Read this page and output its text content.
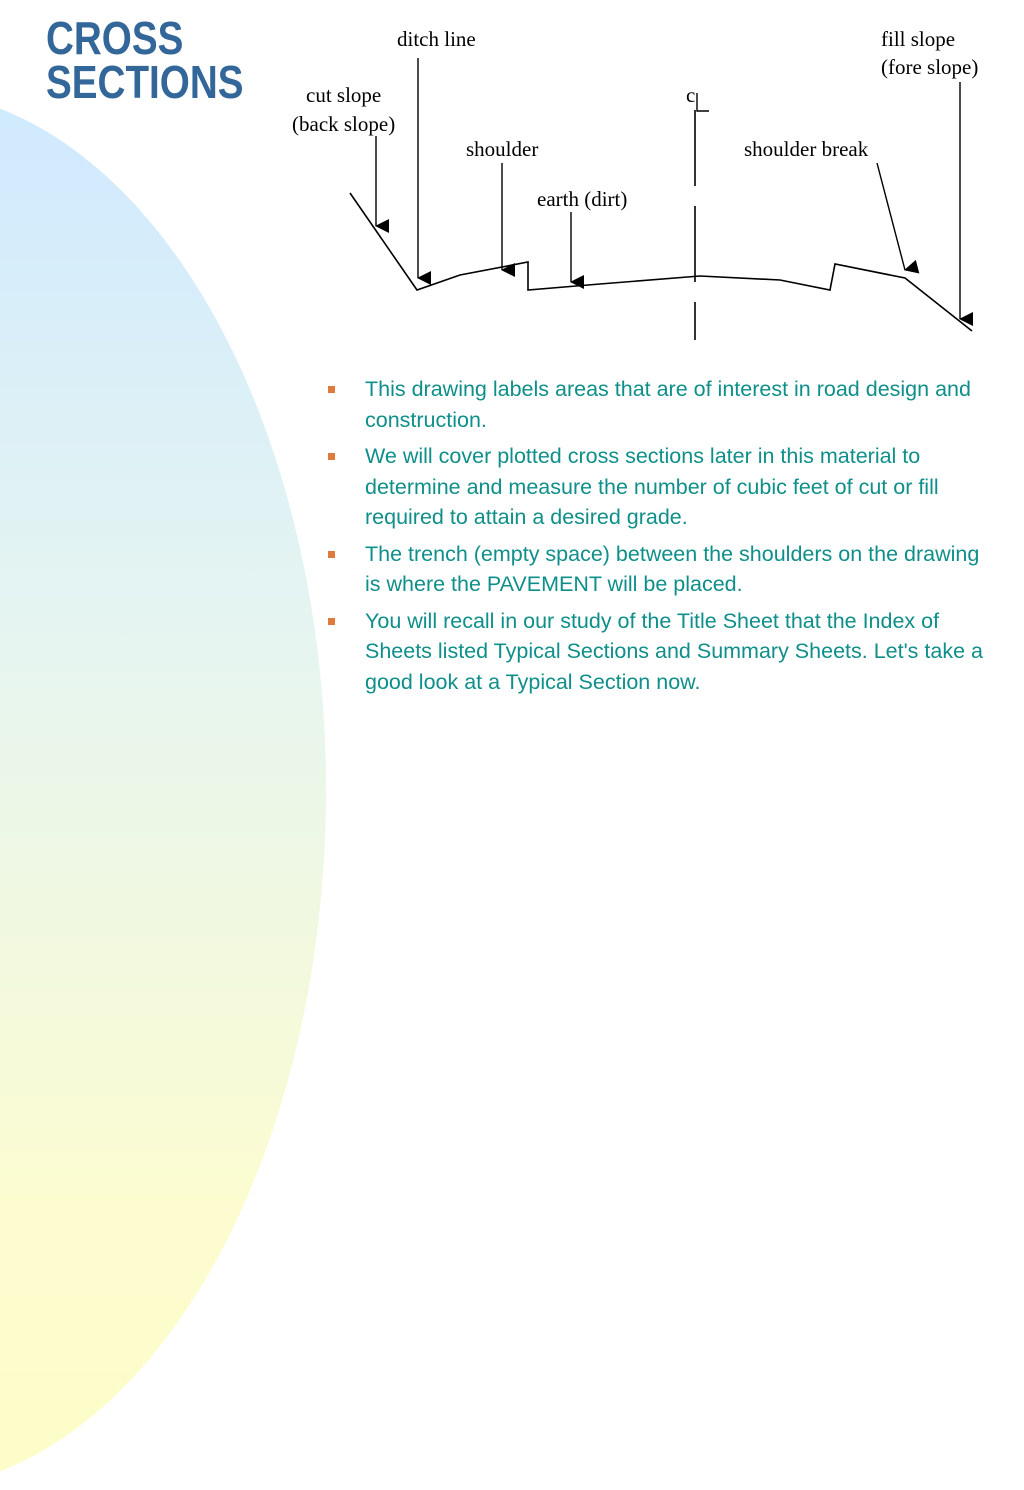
CROSS
SECTIONS	c
ditch line
cut slope
(back slope)
shoulder
earth (dirt)
shoulder break
fill slope
(fore slope)
This drawing labels areas that are of interest in road design and construction.
We will cover plotted cross sections later in this material to determine and measure the number of cubic feet of cut or fill required to attain a desired grade.
The trench (empty space) between the shoulders on the drawing is where the PAVEMENT will be placed.
You will recall in our study of the Title Sheet that the Index of Sheets listed Typical Sections and Summary Sheets. Let's take a good look at a Typical Section now.
